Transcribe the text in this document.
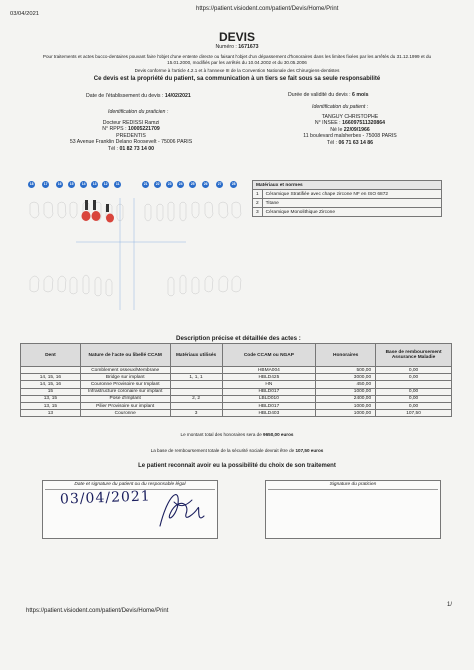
03/04/2021
https://patient.visiodent.com/patient/Devis/Home/Print
DEVIS
Numéro : 1671673
Pour traitements et actes bucco-dentaires pouvant faire l'objet d'une entente directe ou faisant l'objet d'un dépassement d'honoraires dans les limites fixées par les arrêtés du 31.12.1999 et du 15.01.2000, modifiés par les arrêtés du 10.04.2002 et du 30.05.2006
Devis conforme à l'article 4.2.1 et à l'annexe III de la Convention Nationale des Chirurgiens-dentistes
Ce devis est la propriété du patient, sa communication à un tiers se fait sous sa seule responsabilité
Date de l'établissement du devis : 14/02/2021	Durée de validité du devis : 6 mois
Identification du praticien :
Identification du patient :
Docteur REDISSI Ramzi
N° RPPS : 10005221709
PREDENTIS
53 Avenue Franklin Delano Roosevelt - 75006 PARIS
Tél : 01 82 73 14 00
TANGUY CHRISTOPHE
N° INSEE : 166097511320864
Né le 22/09/1966
11 boulevard malsherbes - 75008 PARIS
Tél : 06 71 63 14 86
18	17	16	15	14	13	12	11	21	22	23	24	25	26	27	28	Matériaux et normes	
1	Céramique Stratifiée avec chape zircone NF en ISO 6872
2	Titane
3	Céramique Monolithique Zircone
Description précise et détaillée des actes :
Dent	Nature de l'acte ou libellé CCAM	Matériaux utilisés	Code CCAM ou NGAP	Honoraires	Base de remboursement Assurance Maladie
	Comblement osseux/Membrane		HBMA004	500,00	0,00
14, 15, 16	Bridge sur implant	1, 1, 1	HBLD425	3000,00	0,00
14, 15, 16	Couronne Provisoire sur Implant		HN	450,00	
15	Infrastructure coronaire sur implant		HBLD017	1000,00	0,00
13, 15	Pose d'implant	2, 2	LBLD010	2400,00	0,00
13, 15	Pilier Provisoire sur implant		HBLD017	1000,00	0,00
13	Couronne	3	HBLD403	1000,00	107,50
Le montant total des honoraires sera de 9650,00 euros
La base de remboursement totale de la sécurité sociale devrait être de 107,50 euros
Le patient reconnaît avoir eu la possibilité du choix de son traitement
Date et signature du patient ou du responsable légal	Signature du praticien
03/04/2021
https://patient.visiodent.com/patient/Devis/Home/Print
1/
